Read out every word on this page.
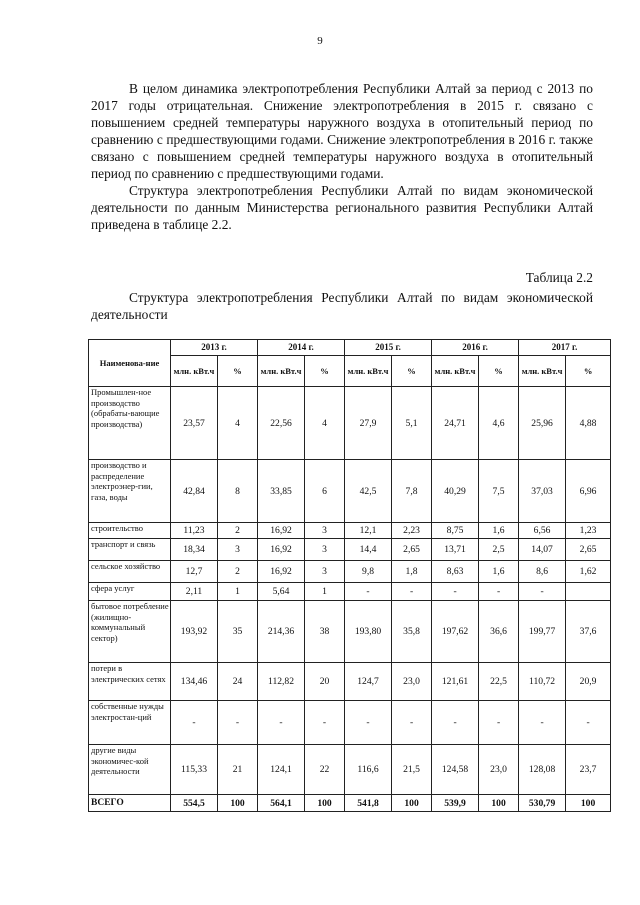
9

В целом динамика электропотребления Республики Алтай за период с 2013 по 2017 годы отрицательная. Снижение электропотребления в 2015 г. связано с повышением средней температуры наружного воздуха в отопительный период по сравнению с предшествующими годами. Снижение электропотребления в 2016 г. также связано с повышением средней температуры наружного воздуха в отопительный период по сравнению с предшествующими годами.

Структура электропотребления Республики Алтай по видам экономической деятельности по данным Министерства регионального развития Республики Алтай приведена в таблице 2.2.

Таблица 2.2

Структура электропотребления Республики Алтай по видам экономической деятельности

Наименова-ние	2013 г.		2014 г.		2015 г.		2016 г.		2017 г.	
	млн. кВт.ч	%	млн. кВт.ч	%	млн. кВт.ч	%	млн. кВт.ч	%	млн. кВт.ч	%
Промышлен-ное производство (обрабаты-вающие производства)	23,57	4	22,56	4	27,9	5,1	24,71	4,6	25,96	4,88
производство и распределение электроэнер-гии, газа, воды	42,84	8	33,85	6	42,5	7,8	40,29	7,5	37,03	6,96
строительство	11,23	2	16,92	3	12,1	2,23	8,75	1,6	6,56	1,23
транспорт и связь	18,34	3	16,92	3	14,4	2,65	13,71	2,5	14,07	2,65
сельское хозяйство	12,7	2	16,92	3	9,8	1,8	8,63	1,6	8,6	1,62
сфера услуг	2,11	1	5,64	1	-	-	-	-	-	
бытовое потребление (жилищно-коммунальный сектор)	193,92	35	214,36	38	193,80	35,8	197,62	36,6	199,77	37,6
потери в электрических сетях	134,46	24	112,82	20	124,7	23,0	121,61	22,5	110,72	20,9
собственные нужды электростан-ций	-	-	-	-	-	-	-	-	-	-
другие виды экономичес-кой деятельности	115,33	21	124,1	22	116,6	21,5	124,58	23,0	128,08	23,7
ВСЕГО	554,5	100	564,1	100	541,8	100	539,9	100	530,79	100
